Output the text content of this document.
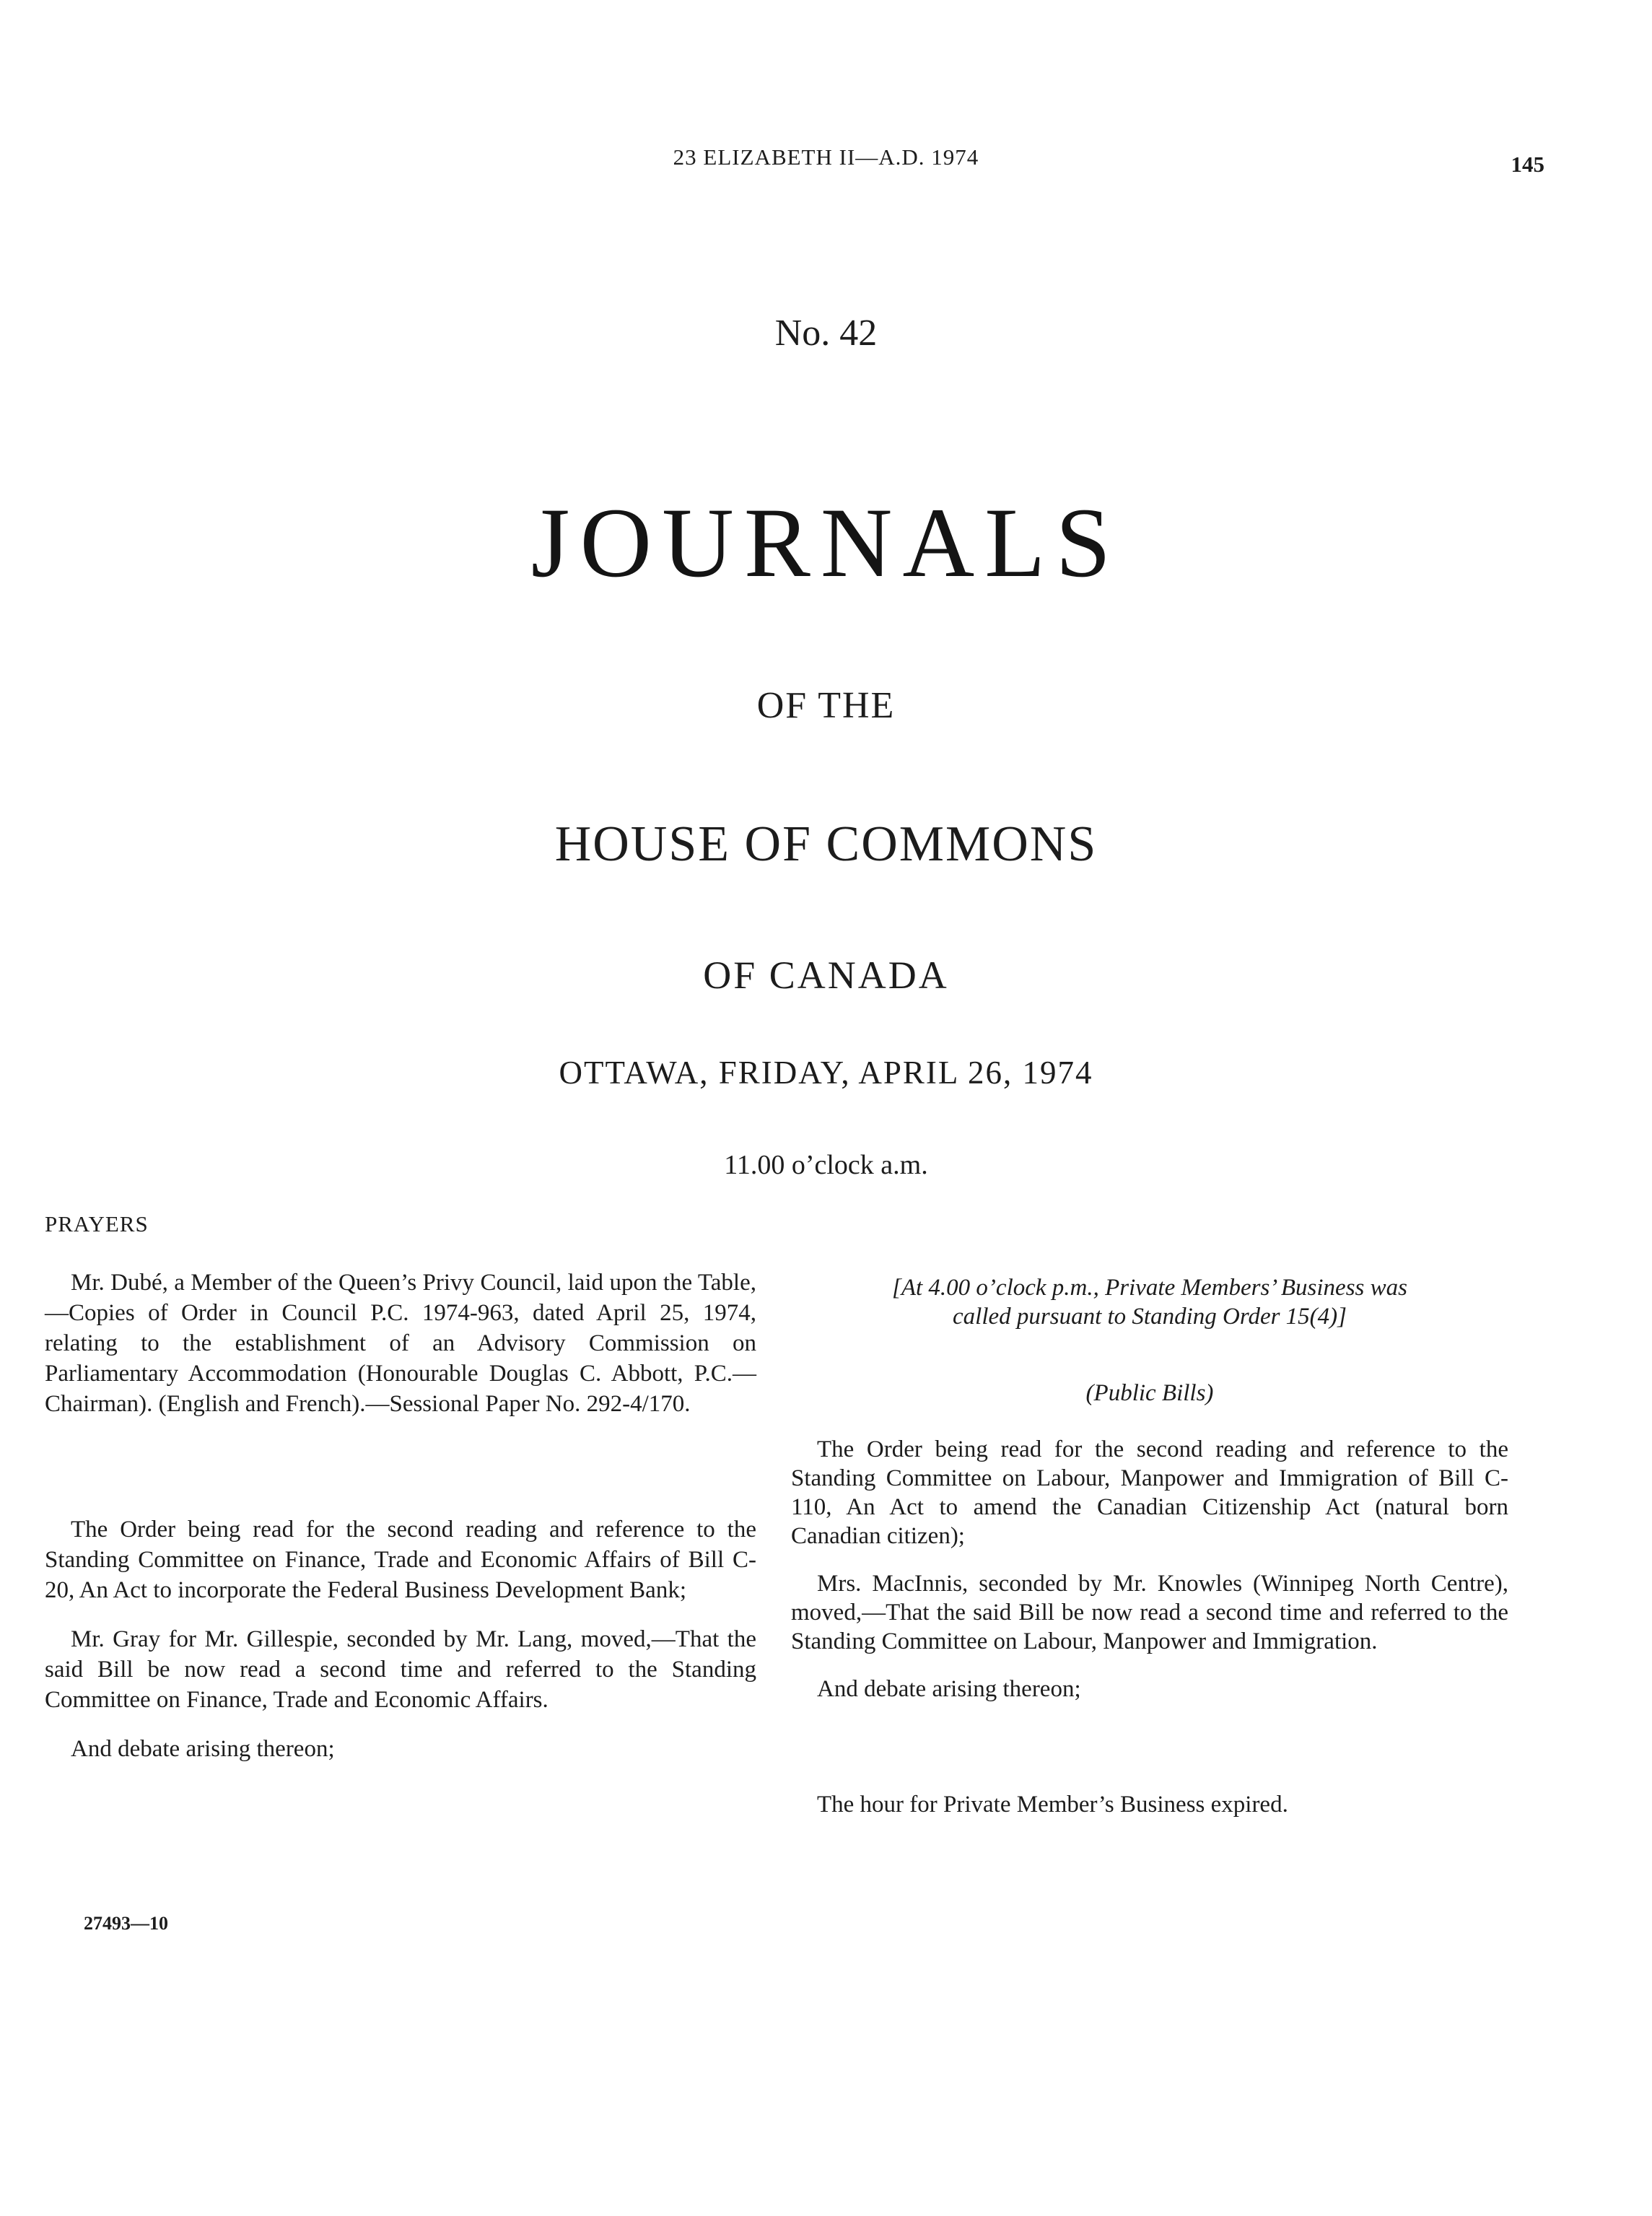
23 ELIZABETH II—A.D. 1974	145
No. 42
JOURNALS
OF THE
HOUSE OF COMMONS
OF CANADA
OTTAWA, FRIDAY, APRIL 26, 1974
11.00 o’clock a.m.
PRAYERS

Mr. Dubé, a Member of the Queen’s Privy Council, laid upon the Table,—Copies of Order in Council P.C. 1974-963, dated April 25, 1974, relating to the establishment of an Advisory Commission on Parliamentary Accommodation (Honourable Douglas C. Abbott, P.C.—Chairman). (English and French).—Sessional Paper No. 292-4/170.

The Order being read for the second reading and reference to the Standing Committee on Finance, Trade and Economic Affairs of Bill C-20, An Act to incorporate the Federal Business Development Bank;

Mr. Gray for Mr. Gillespie, seconded by Mr. Lang, moved,—That the said Bill be now read a second time and referred to the Standing Committee on Finance, Trade and Economic Affairs.

And debate arising thereon;

27493—10

[At 4.00 o’clock p.m., Private Members’ Business was
called pursuant to Standing Order 15(4)]

(Public Bills)

The Order being read for the second reading and reference to the Standing Committee on Labour, Manpower and Immigration of Bill C-110, An Act to amend the Canadian Citizenship Act (natural born Canadian citizen);

Mrs. MacInnis, seconded by Mr. Knowles (Winnipeg North Centre), moved,—That the said Bill be now read a second time and referred to the Standing Committee on Labour, Manpower and Immigration.

And debate arising thereon;

The hour for Private Member’s Business expired.
